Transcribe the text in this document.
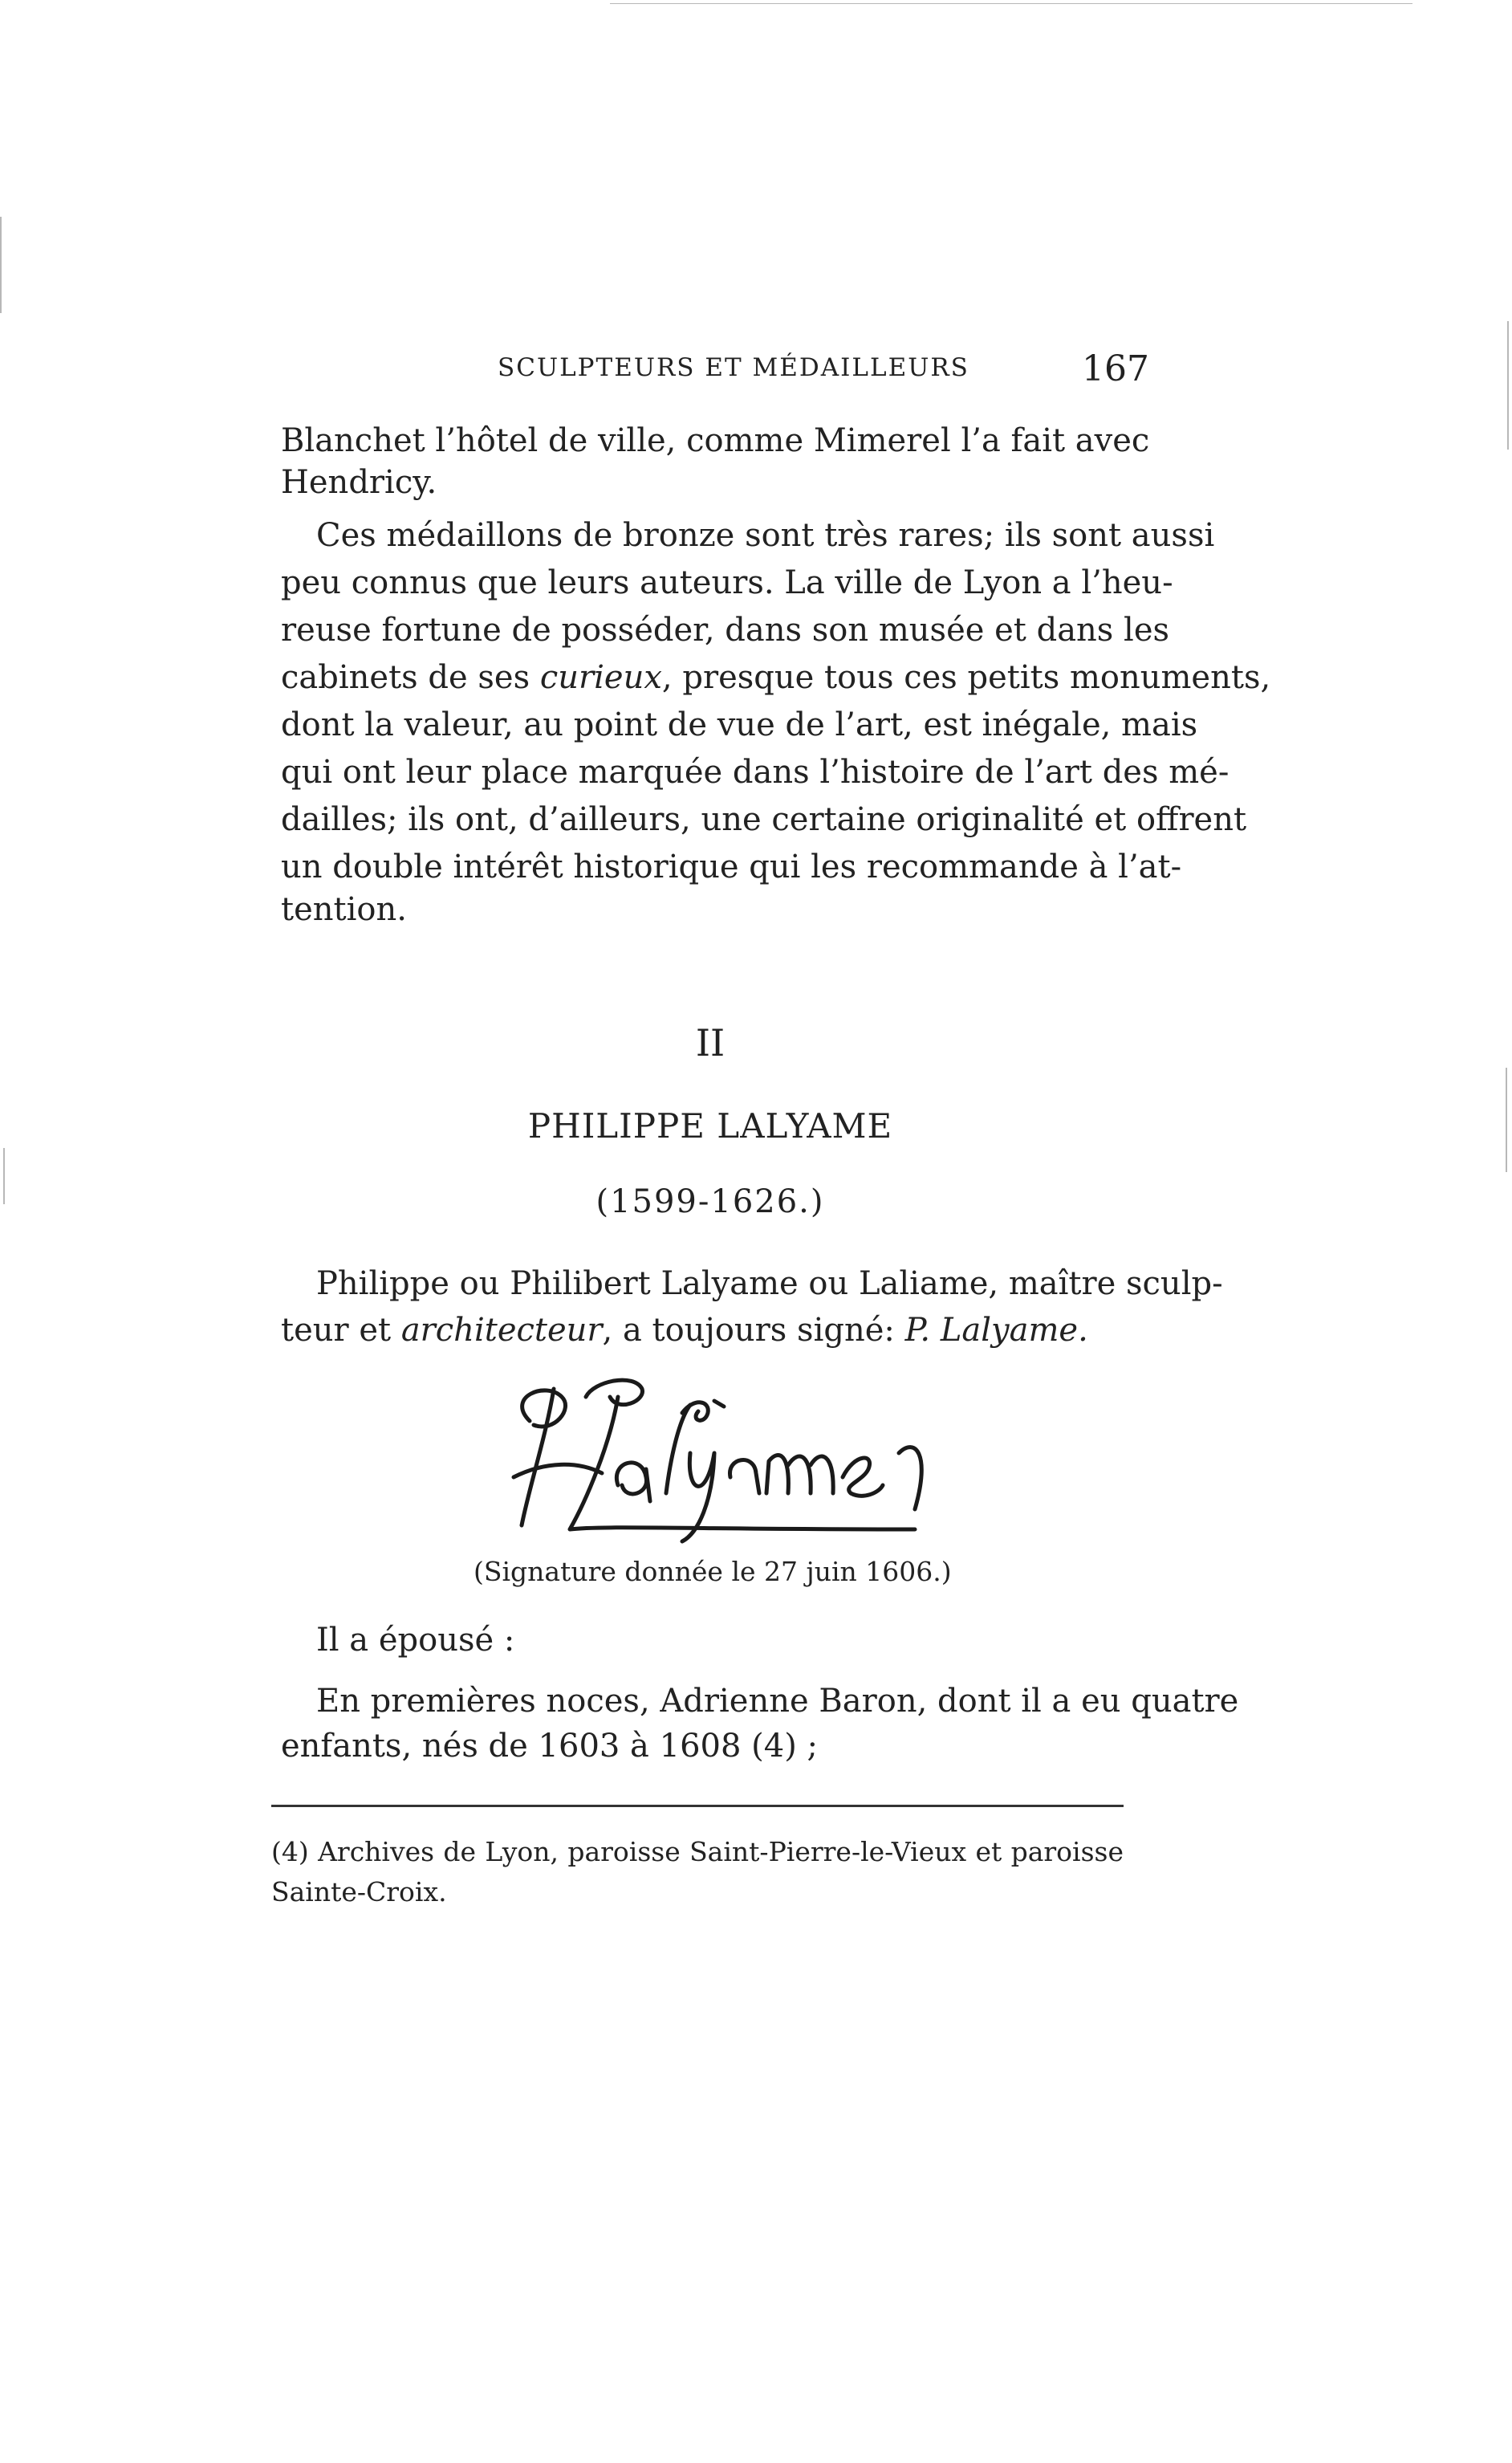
SCULPTEURS ET MÉDAILLEURS	167
Blanchet l’hôtel de ville, comme Mimerel l’a fait avec
Hendricy.
Ces médaillons de bronze sont très rares; ils sont aussi
peu connus que leurs auteurs. La ville de Lyon a l’heu-
reuse fortune de posséder, dans son musée et dans les
cabinets de ses curieux, presque tous ces petits monuments,
dont la valeur, au point de vue de l’art, est inégale, mais
qui ont leur place marquée dans l’histoire de l’art des mé-
dailles; ils ont, d’ailleurs, une certaine originalité et offrent
un double intérêt historique qui les recommande à l’at-
tention.
II
PHILIPPE LALYAME
(1599-1626.)
Philippe ou Philibert Lalyame ou Laliame, maître sculp-
teur et architecteur, a toujours signé: P. Lalyame.
(Signature donnée le 27 juin 1606.)
Il a épousé :
En premières noces, Adrienne Baron, dont il a eu quatre
enfants, nés de 1603 à 1608 (4) ;
(4) Archives de Lyon, paroisse Saint-Pierre-le-Vieux et paroisse
Sainte-Croix.
